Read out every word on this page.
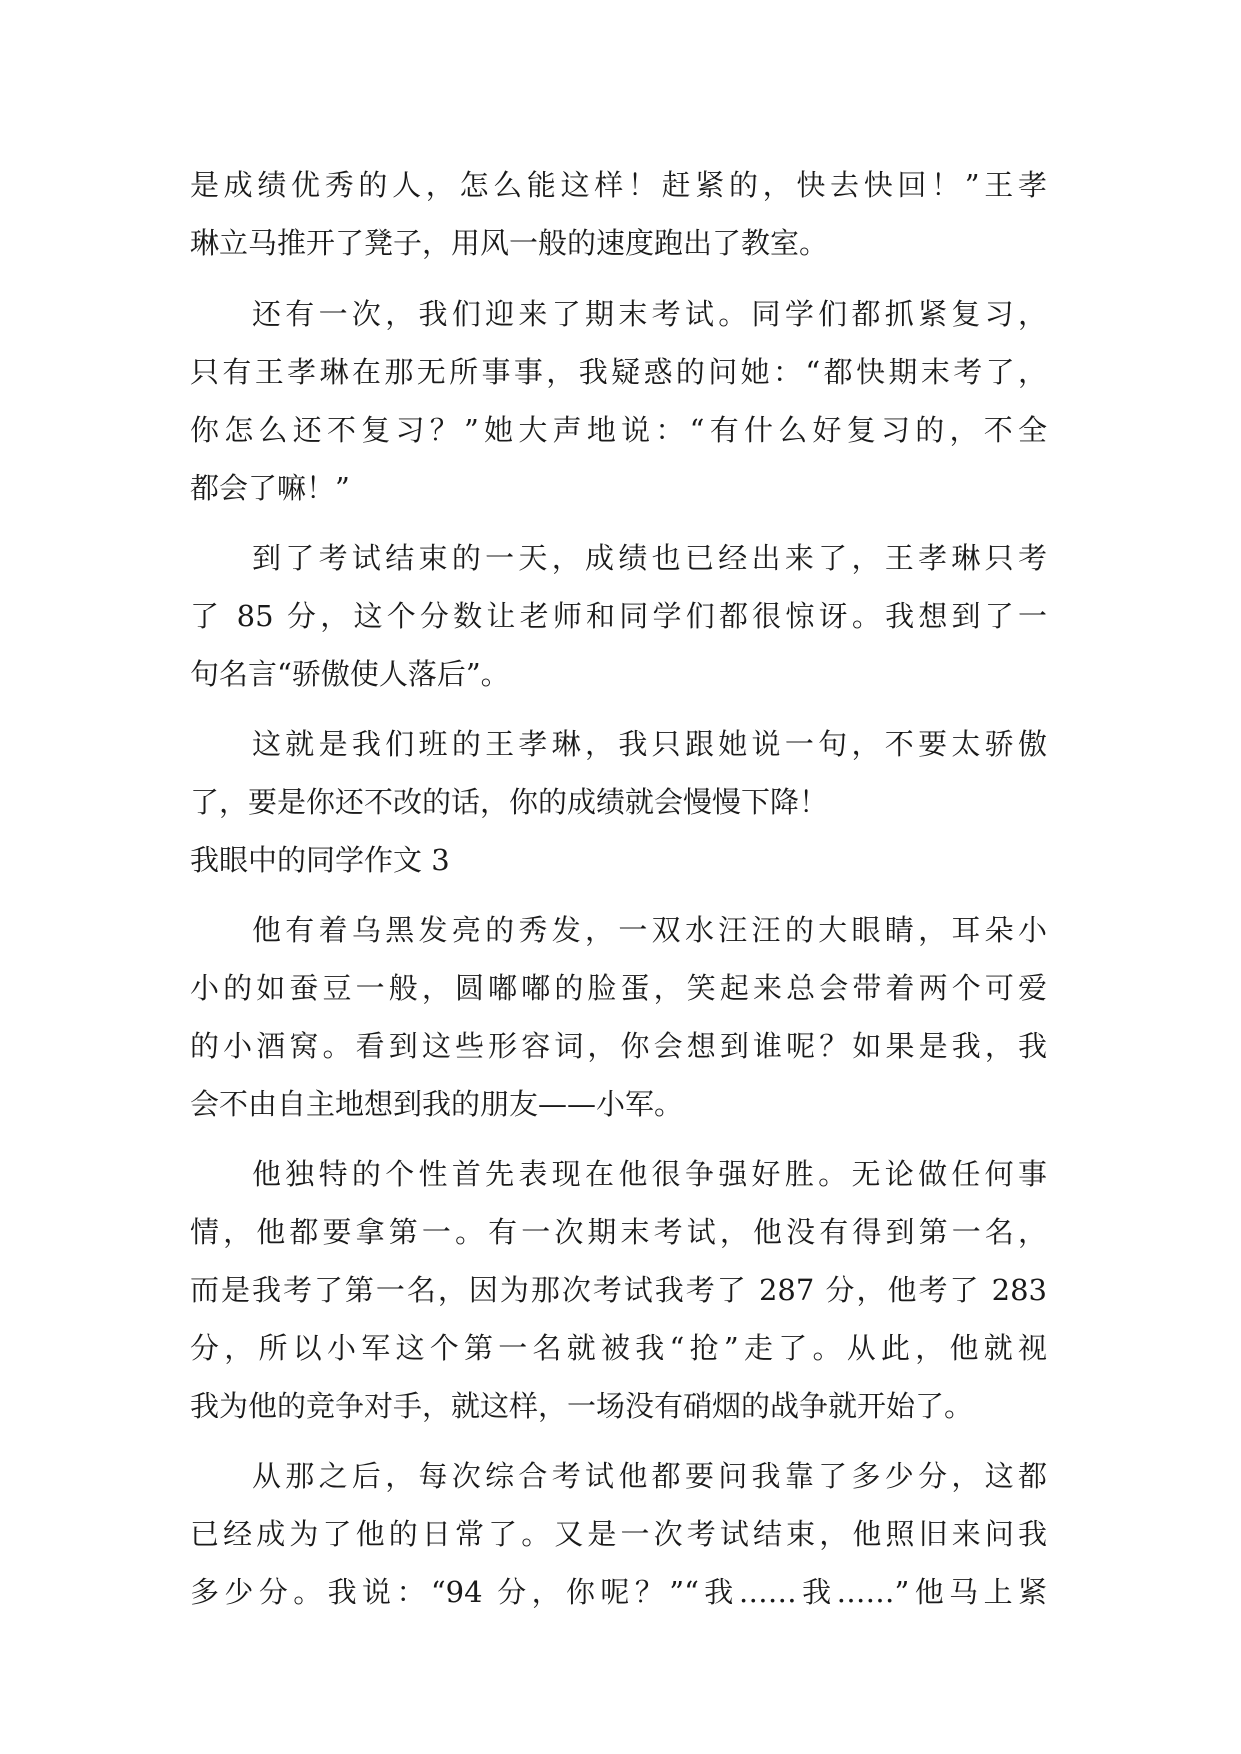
是成绩优秀的人，怎么能这样！赶紧的，快去快回！”王孝
琳立马推开了凳子，用风一般的速度跑出了教室。
还有一次，我们迎来了期末考试。同学们都抓紧复习，
只有王孝琳在那无所事事，我疑惑的问她：“都快期末考了，
你怎么还不复习？”她大声地说：“有什么好复习的，不全
都会了嘛！”
到了考试结束的一天，成绩也已经出来了，王孝琳只考
了 85 分，这个分数让老师和同学们都很惊讶。我想到了一
句名言“骄傲使人落后”。
这就是我们班的王孝琳，我只跟她说一句，不要太骄傲
了，要是你还不改的话，你的成绩就会慢慢下降！
我眼中的同学作文 3
他有着乌黑发亮的秀发，一双水汪汪的大眼睛，耳朵小
小的如蚕豆一般，圆嘟嘟的脸蛋，笑起来总会带着两个可爱
的小酒窝。看到这些形容词，你会想到谁呢？如果是我，我
会不由自主地想到我的朋友——小军。
他独特的个性首先表现在他很争强好胜。无论做任何事
情，他都要拿第一。有一次期末考试，他没有得到第一名，
而是我考了第一名，因为那次考试我考了 287 分，他考了 283
分，所以小军这个第一名就被我“抢”走了。从此，他就视
我为他的竞争对手，就这样，一场没有硝烟的战争就开始了。
从那之后，每次综合考试他都要问我靠了多少分，这都
已经成为了他的日常了。又是一次考试结束，他照旧来问我
多少分。我说：“94 分，你呢？”“我……我……”他马上紧
